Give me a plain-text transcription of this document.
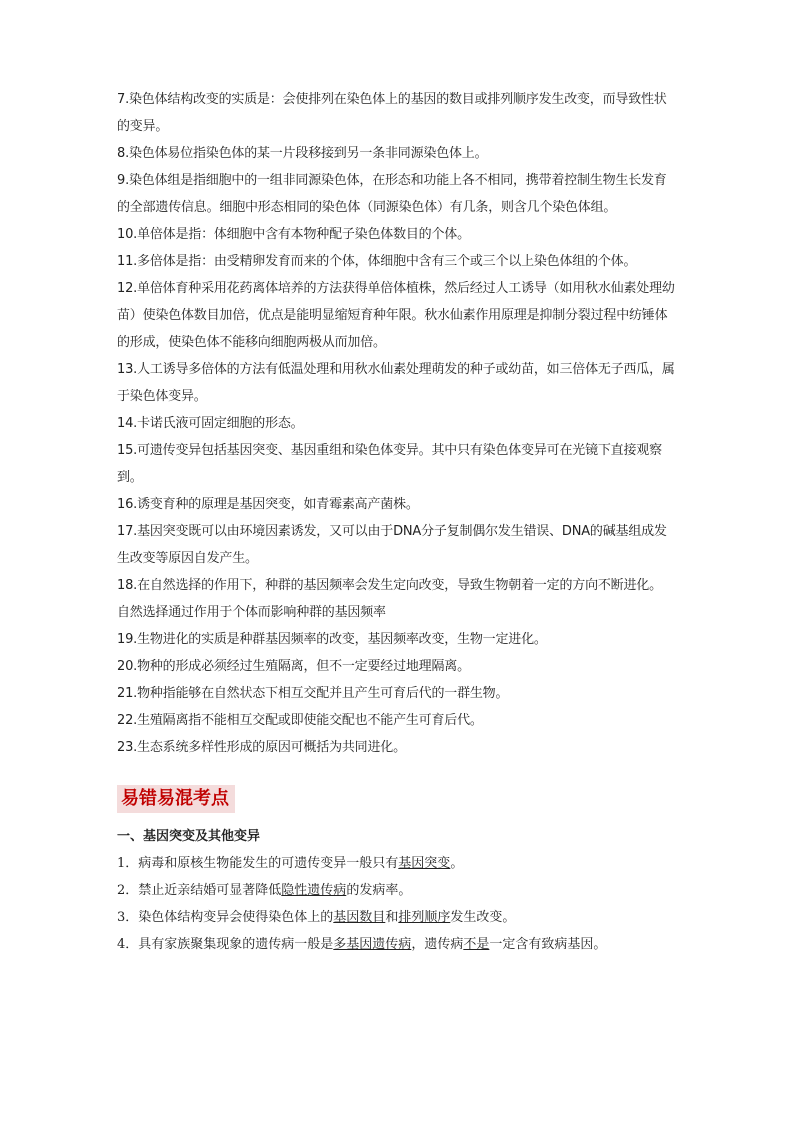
7.染色体结构改变的实质是：会使排列在染色体上的基因的数目或排列顺序发生改变，而导致性状的变异。

8.染色体易位指染色体的某一片段移接到另一条非同源染色体上。

9.染色体组是指细胞中的一组非同源染色体，在形态和功能上各不相同，携带着控制生物生长发育的全部遗传信息。细胞中形态相同的染色体（同源染色体）有几条，则含几个染色体组。

10.单倍体是指：体细胞中含有本物种配子染色体数目的个体。

11.多倍体是指：由受精卵发育而来的个体，体细胞中含有三个或三个以上染色体组的个体。

12.单倍体育种采用花药离体培养的方法获得单倍体植株，然后经过人工诱导（如用秋水仙素处理幼苗）使染色体数目加倍，优点是能明显缩短育种年限。秋水仙素作用原理是抑制分裂过程中纺锤体的形成，使染色体不能移向细胞两极从而加倍。

13.人工诱导多倍体的方法有低温处理和用秋水仙素处理萌发的种子或幼苗，如三倍体无子西瓜，属于染色体变异。

14.卡诺氏液可固定细胞的形态。

15.可遗传变异包括基因突变、基因重组和染色体变异。其中只有染色体变异可在光镜下直接观察到。

16.诱变育种的原理是基因突变，如青霉素高产菌株。

17.基因突变既可以由环境因素诱发，又可以由于DNA分子复制偶尔发生错误、DNA的碱基组成发生改变等原因自发产生。

18.在自然选择的作用下，种群的基因频率会发生定向改变，导致生物朝着一定的方向不断进化。

自然选择通过作用于个体而影响种群的基因频率

19.生物进化的实质是种群基因频率的改变，基因频率改变，生物一定进化。

20.物种的形成必须经过生殖隔离，但不一定要经过地理隔离。

21.物种指能够在自然状态下相互交配并且产生可育后代的一群生物。

22.生殖隔离指不能相互交配或即使能交配也不能产生可育后代。

23.生态系统多样性形成的原因可概括为共同进化。

易错易混考点
一、基因突变及其他变异

1．病毒和原核生物能发生的可遗传变异一般只有基因突变。

2．禁止近亲结婚可显著降低隐性遗传病的发病率。

3．染色体结构变异会使得染色体上的基因数目和排列顺序发生改变。

4．具有家族聚集现象的遗传病一般是多基因遗传病，遗传病不是一定含有致病基因。
